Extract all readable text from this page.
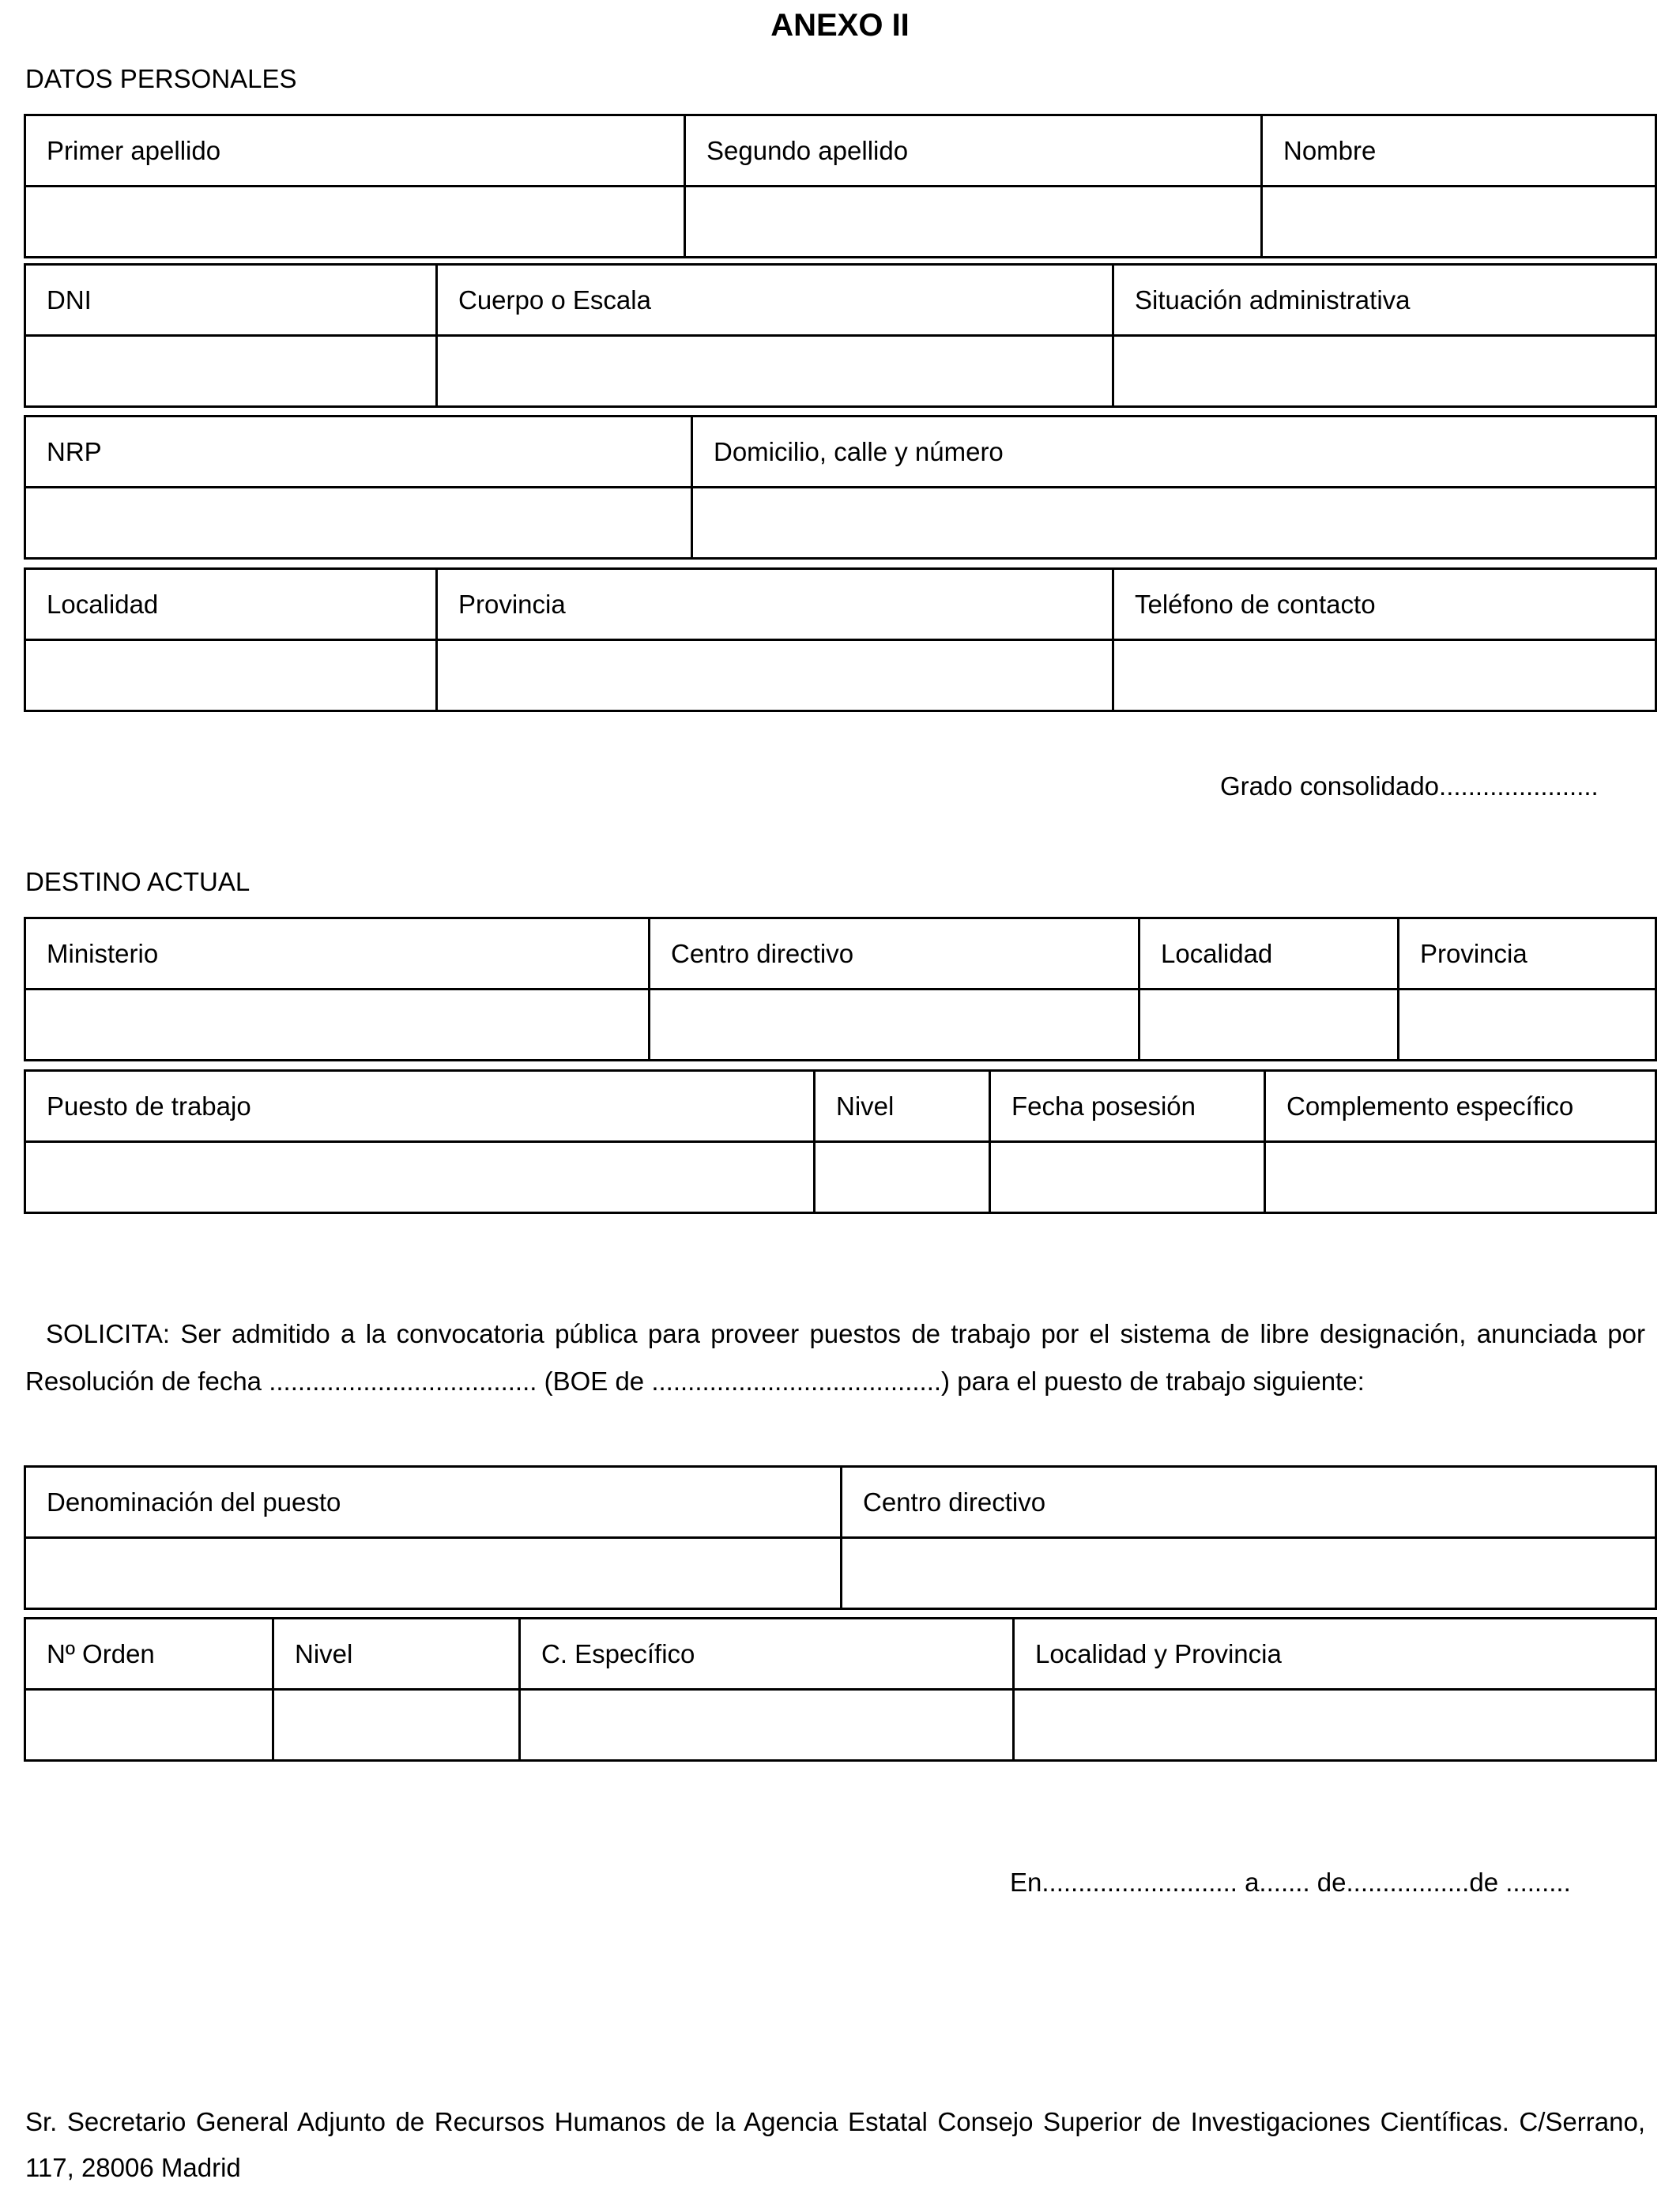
ANEXO II
DATOS PERSONALES
Primer apellido	Segundo apellido	Nombre

DNI	Cuerpo o Escala	Situación administrativa

NRP	Domicilio, calle y número

Localidad	Provincia	Teléfono de contacto

Grado consolidado......................
DESTINO ACTUAL
Ministerio	Centro directivo	Localidad	Provincia

Puesto de trabajo	Nivel	Fecha posesión	Complemento específico

SOLICITA: Ser admitido a la convocatoria pública para proveer puestos de trabajo por el sistema de libre designación, anunciada por Resolución de fecha ..................................... (BOE de ........................................) para el puesto de trabajo siguiente:
Denominación del puesto	Centro directivo

Nº Orden	Nivel	C. Específico	Localidad y Provincia

En........................... a....... de.................de .........
Sr. Secretario General Adjunto de Recursos Humanos de la Agencia Estatal Consejo Superior de Investigaciones Científicas. C/Serrano, 117, 28006 Madrid
